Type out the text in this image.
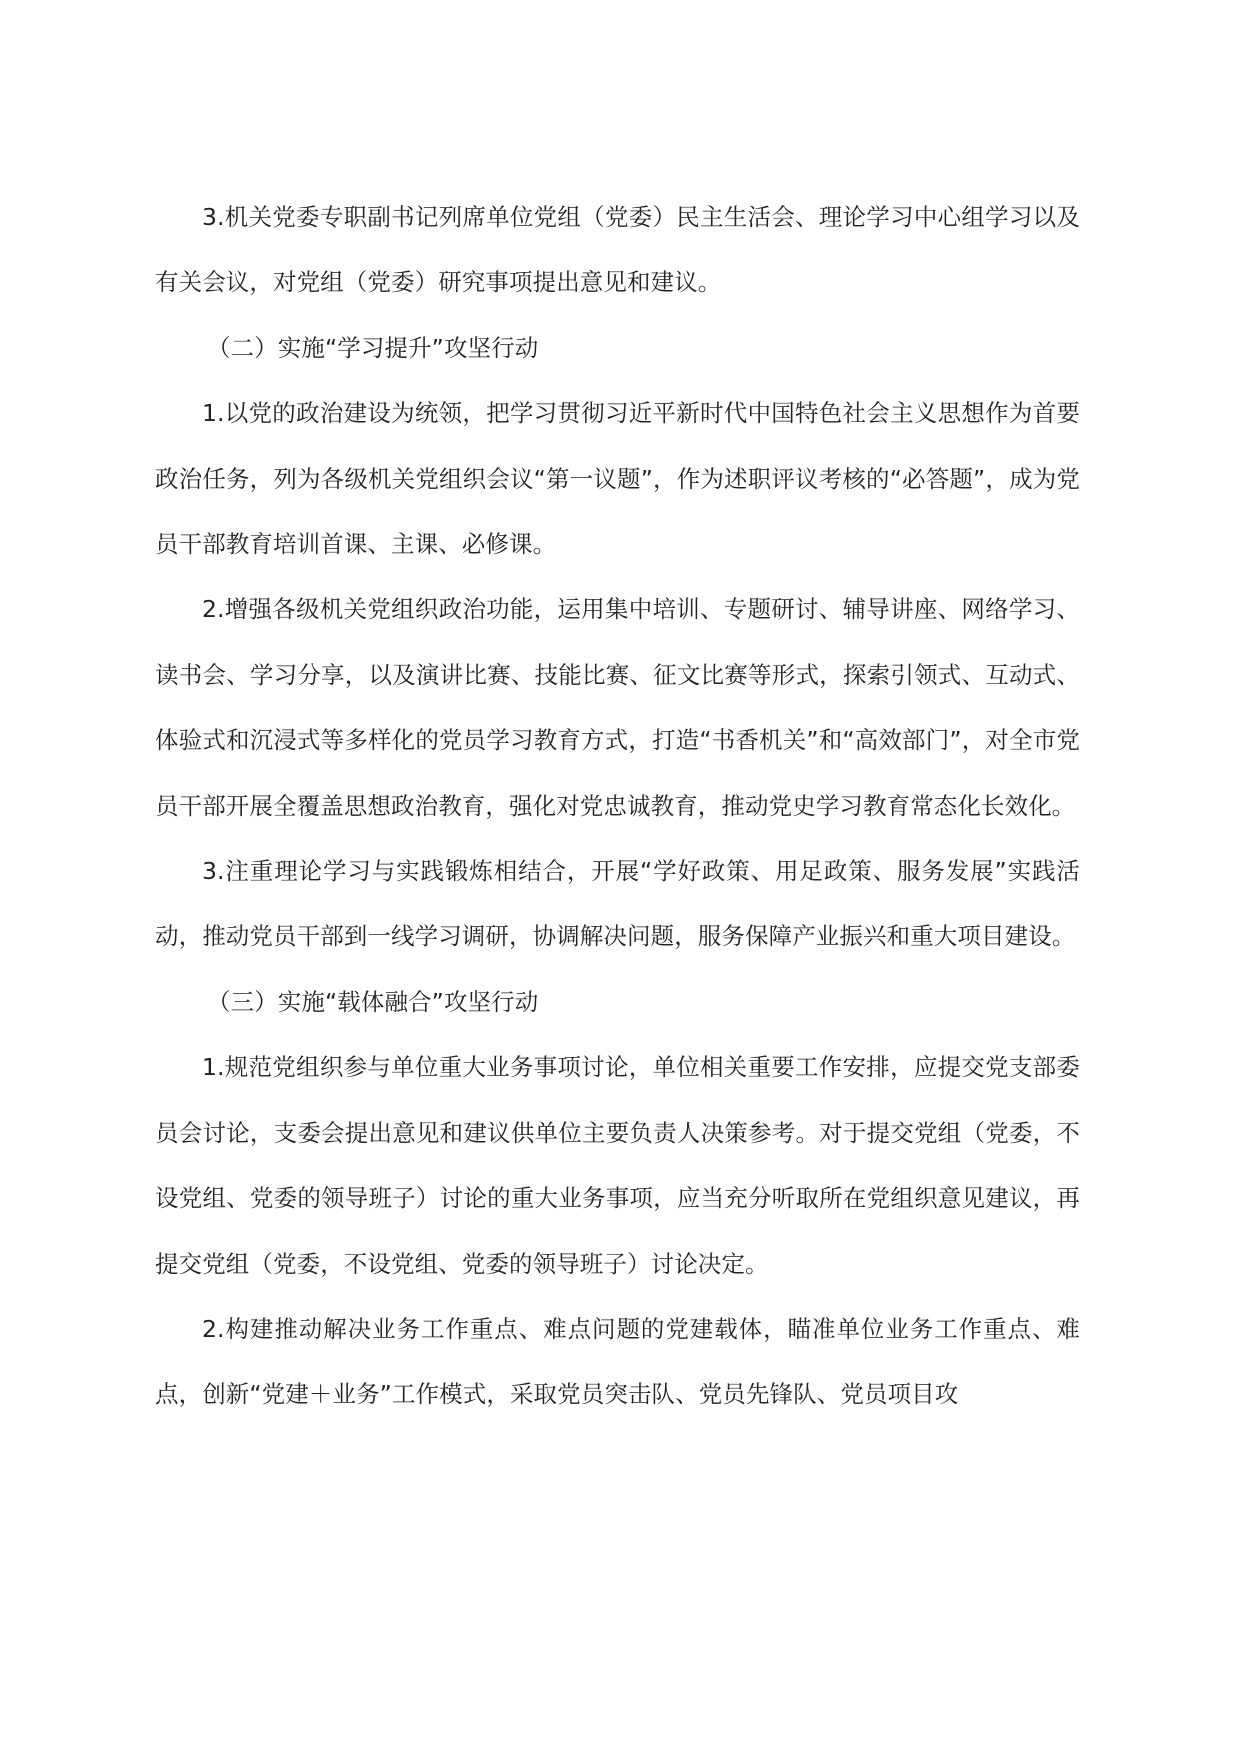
3.机关党委专职副书记列席单位党组（党委）民主生活会、理论学习中心组学习以及有关会议，对党组（党委）研究事项提出意见和建议。

（二）实施“学习提升”攻坚行动

1.以党的政治建设为统领，把学习贯彻习近平新时代中国特色社会主义思想作为首要政治任务，列为各级机关党组织会议“第一议题”，作为述职评议考核的“必答题”，成为党员干部教育培训首课、主课、必修课。

2.增强各级机关党组织政治功能，运用集中培训、专题研讨、辅导讲座、网络学习、读书会、学习分享，以及演讲比赛、技能比赛、征文比赛等形式，探索引领式、互动式、体验式和沉浸式等多样化的党员学习教育方式，打造“书香机关”和“高效部门”，对全市党员干部开展全覆盖思想政治教育，强化对党忠诚教育，推动党史学习教育常态化长效化。

3.注重理论学习与实践锻炼相结合，开展“学好政策、用足政策、服务发展”实践活动，推动党员干部到一线学习调研，协调解决问题，服务保障产业振兴和重大项目建设。

（三）实施“载体融合”攻坚行动

1.规范党组织参与单位重大业务事项讨论，单位相关重要工作安排，应提交党支部委员会讨论，支委会提出意见和建议供单位主要负责人决策参考。对于提交党组（党委，不设党组、党委的领导班子）讨论的重大业务事项，应当充分听取所在党组织意见建议，再提交党组（党委，不设党组、党委的领导班子）讨论决定。

2.构建推动解决业务工作重点、难点问题的党建载体，瞄准单位业务工作重点、难点，创新“党建＋业务”工作模式，采取党员突击队、党员先锋队、党员项目攻
